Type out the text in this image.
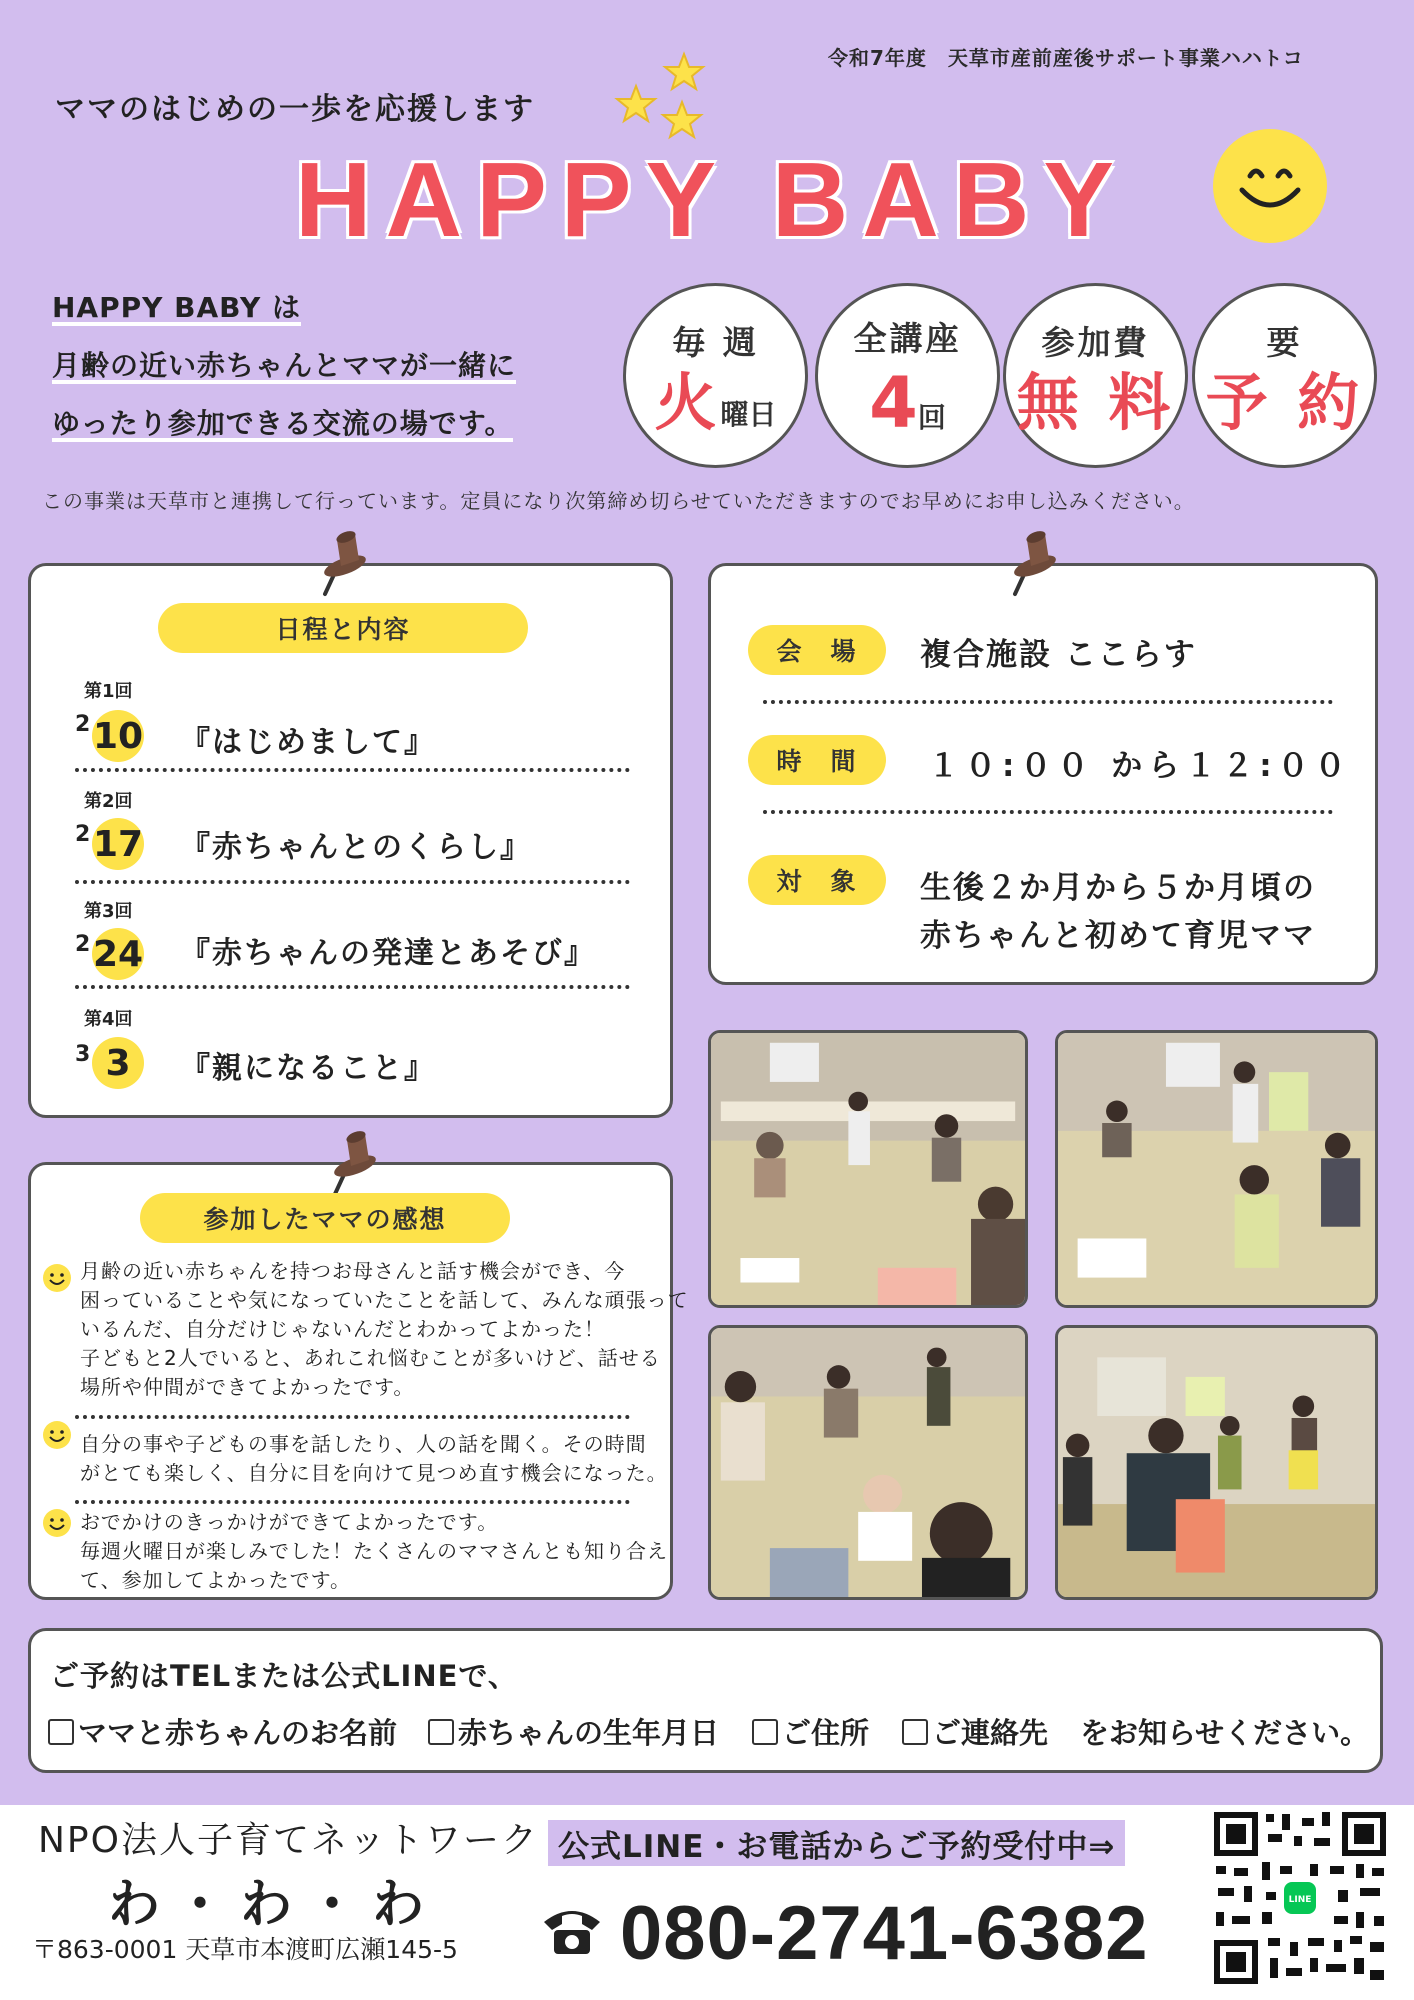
令和7年度　天草市産前産後サポート事業ハハトコ
ママのはじめの一歩を応援します
HAPPY BABY
HAPPY BABY は
月齢の近い赤ちゃんとママが一緒に
ゆったり参加できる交流の場です。
毎 週
火曜日
全講座
4回
参加費
無 料
要
予 約
この事業は天草市と連携して行っています。定員になり次第締め切らせていただきますのでお早めにお申し込みください。
日程と内容
第1回
2 10 『はじめまして』
第2回
2 17 『赤ちゃんとのくらし』
第3回
2 24 『赤ちゃんの発達とあそび』
第4回
3 3	『親になること』
会　場	複合施設 ここらす
時　間	１０:００ から１２:００
対　象	生後２か月から５か月頃の
赤ちゃんと初めて育児ママ
参加したママの感想
月齢の近い赤ちゃんを持つお母さんと話す機会ができ、今
困っていることや気になっていたことを話して、みんな頑張って
いるんだ、自分だけじゃないんだとわかってよかった！
子どもと2人でいると、あれこれ悩むことが多いけど、話せる
場所や仲間ができてよかったです。
自分の事や子どもの事を話したり、人の話を聞く。その時間
がとても楽しく、自分に目を向けて見つめ直す機会になった。
おでかけのきっかけができてよかったです。
毎週火曜日が楽しみでした！たくさんのママさんとも知り合え
て、参加してよかったです。
ご予約はTELまたは公式LINEで、
ママと赤ちゃんのお名前 赤ちゃんの生年月日 ご住所 ご連絡先 をお知らせください。
NPO法人子育てネットワーク
わ・わ・わ
〒863-0001 天草市本渡町広瀬145-5
公式LINE・お電話からご予約受付中⇒
080-2741-6382	LINE
